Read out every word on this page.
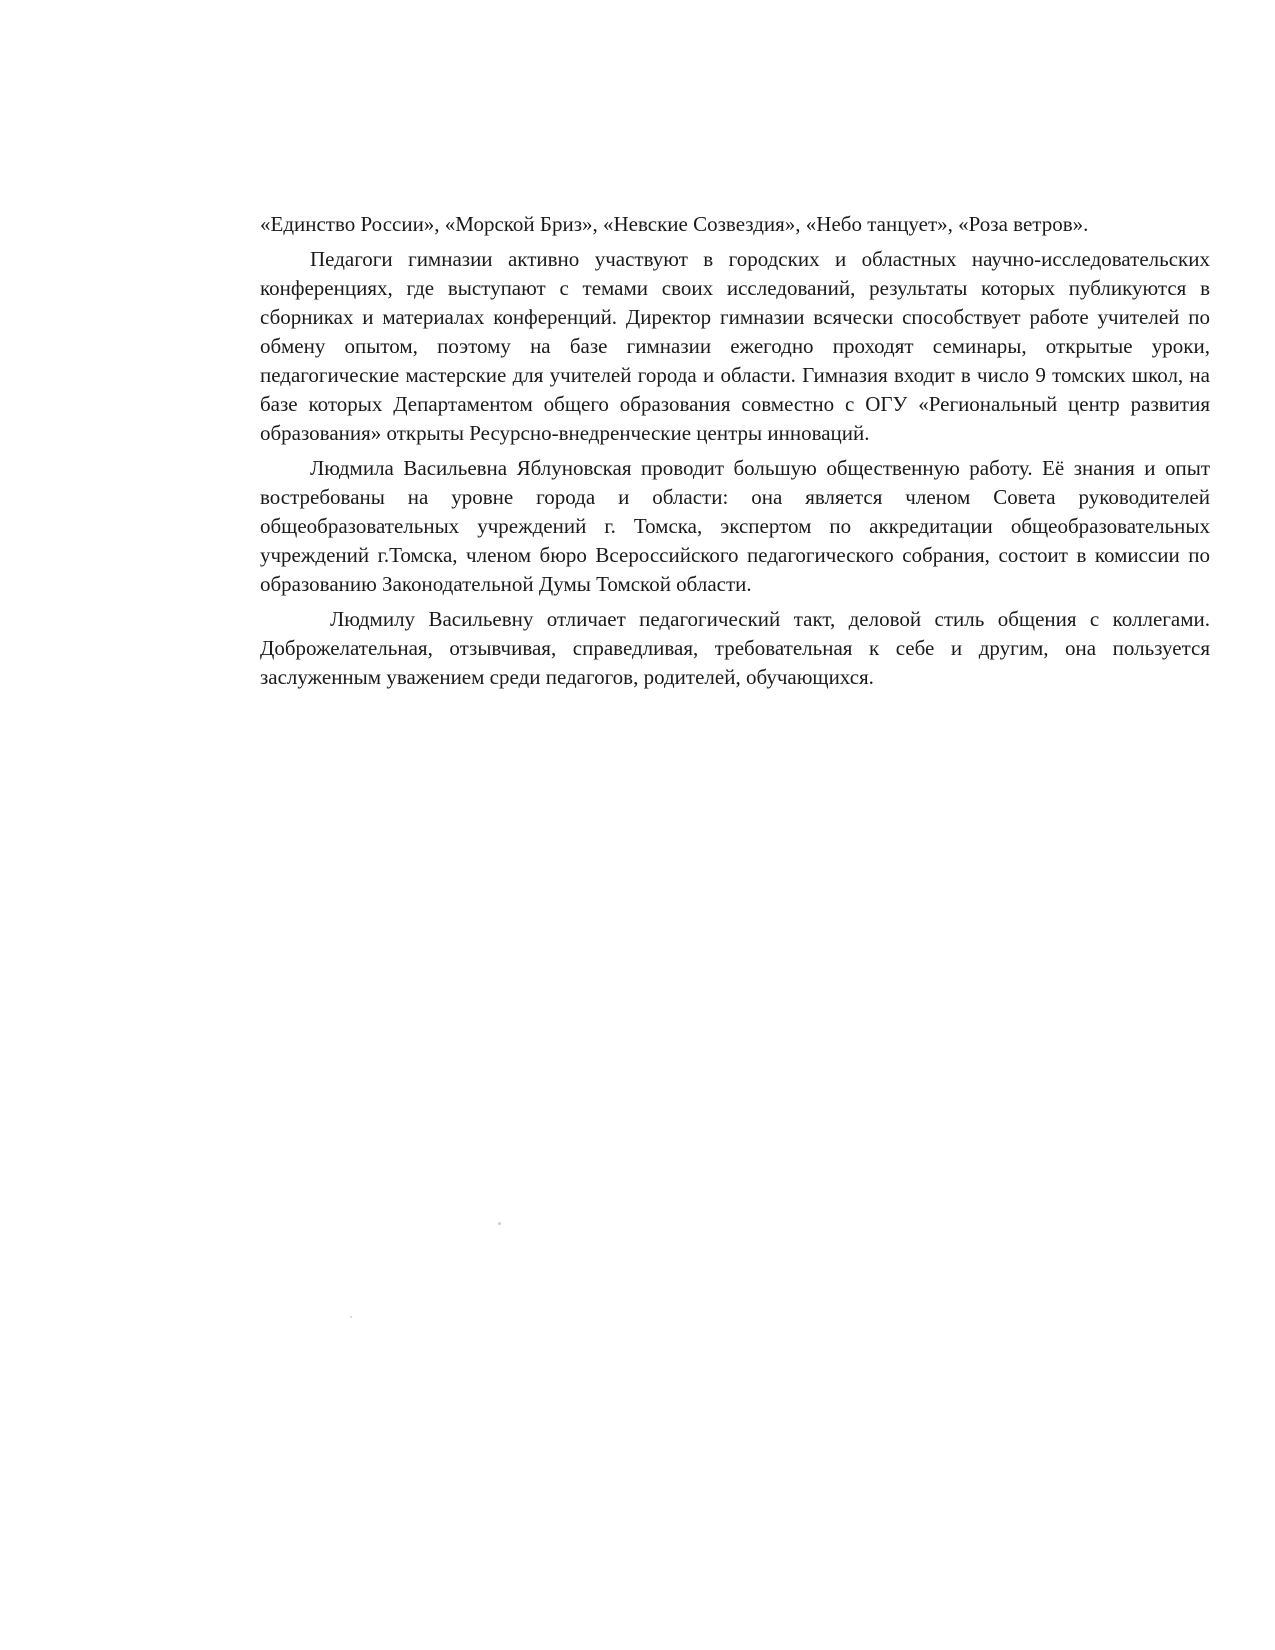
«Единство России», «Морской Бриз», «Невские Созвездия», «Небо танцует», «Роза ветров».

Педагоги гимназии активно участвуют в городских и областных научно-исследовательских конференциях, где выступают с темами своих исследований, результаты которых публикуются в сборниках и материалах конференций. Директор гимназии всячески способствует работе учителей по обмену опытом, поэтому на базе гимназии ежегодно проходят семинары, открытые уроки, педагогические мастерские для учителей города и области. Гимназия входит в число 9 томских школ, на базе которых Департаментом общего образования совместно с ОГУ «Региональный центр развития образования» открыты Ресурсно-внедренческие центры инноваций.

Людмила Васильевна Яблуновская проводит большую общественную работу. Её знания и опыт востребованы на уровне города и области: она является членом Совета руководителей общеобразовательных учреждений г. Томска, экспертом по аккредитации общеобразовательных учреждений г.Томска, членом бюро Всероссийского педагогического собрания, состоит в комиссии по образованию Законодательной Думы Томской области.

Людмилу Васильевну отличает педагогический такт, деловой стиль общения с коллегами. Доброжелательная, отзывчивая, справедливая, требовательная к себе и другим, она пользуется заслуженным уважением среди педагогов, родителей, обучающихся.
